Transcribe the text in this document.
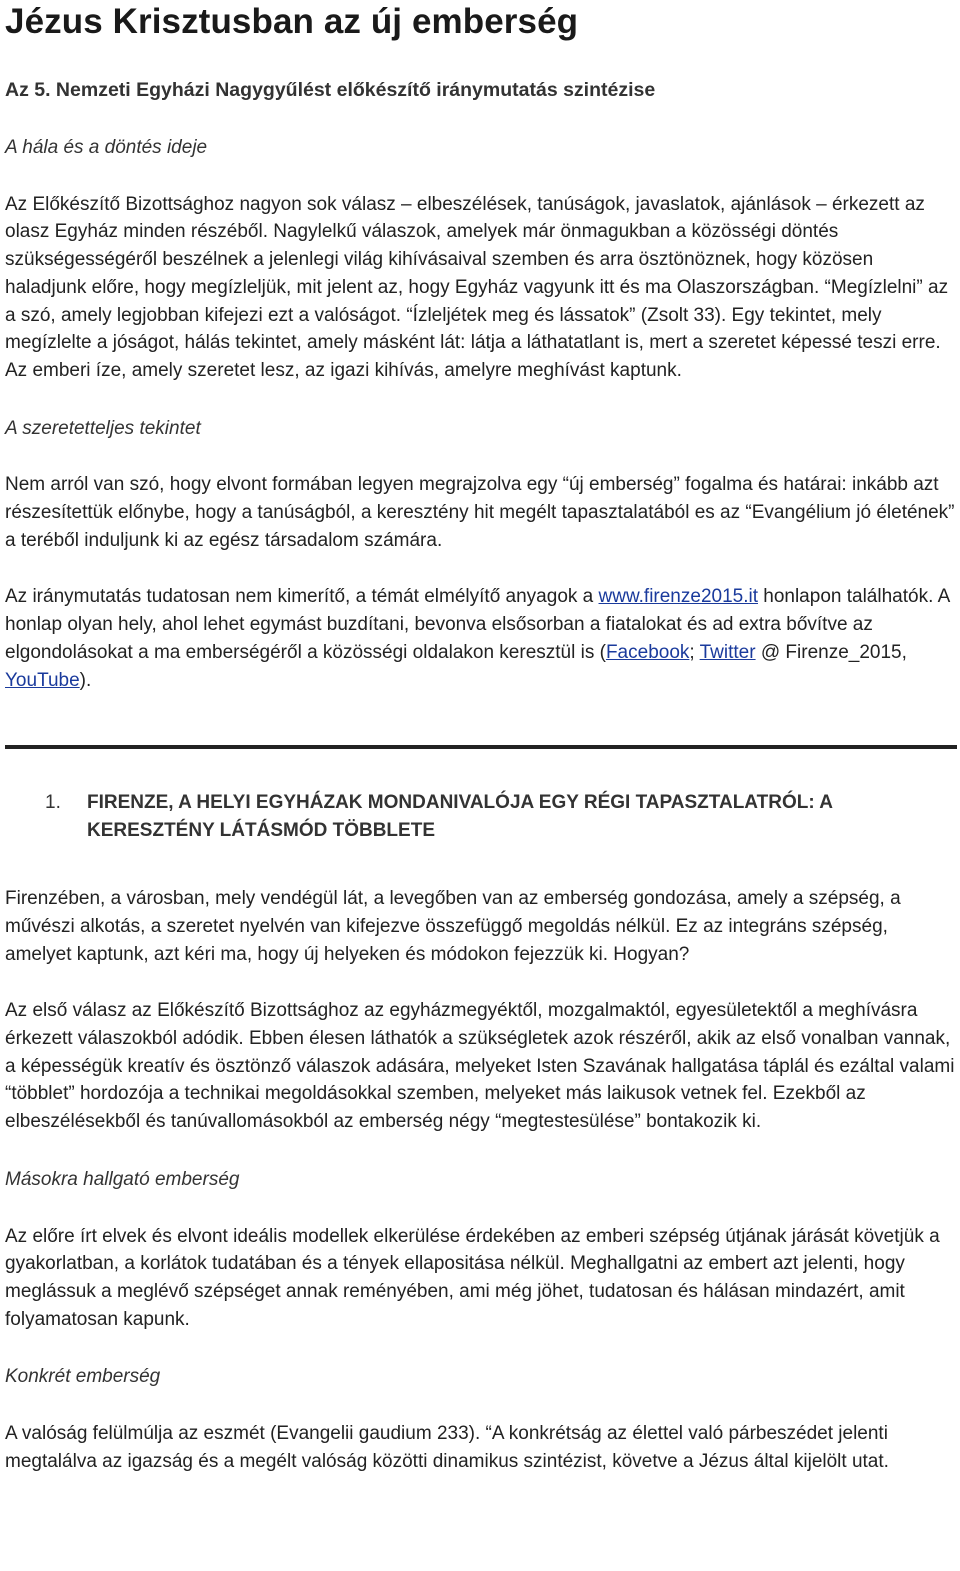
Jézus Krisztusban az új emberség
Az 5. Nemzeti Egyházi Nagygyűlést előkészítő iránymutatás szintézise

A hála és a döntés ideje

Az Előkészítő Bizottsághoz nagyon sok válasz – elbeszélések, tanúságok, javaslatok, ajánlások – érkezett az olasz Egyház minden részéből. Nagylelkű válaszok, amelyek már önmagukban a közösségi döntés szükségességéről beszélnek a jelenlegi világ kihívásaival szemben és arra ösztönöznek, hogy közösen haladjunk előre, hogy megízleljük, mit jelent az, hogy Egyház vagyunk itt és ma Olaszországban. “Megízlelni” az a szó, amely legjobban kifejezi ezt a valóságot. “Ízleljétek meg és lássatok” (Zsolt 33). Egy tekintet, mely megízlelte a jóságot, hálás tekintet, amely másként lát: látja a láthatatlant is, mert a szeretet képessé teszi erre. Az emberi íze, amely szeretet lesz, az igazi kihívás, amelyre meghívást kaptunk.

A szeretetteljes tekintet

Nem arról van szó, hogy elvont formában legyen megrajzolva egy “új emberség” fogalma és határai: inkább azt részesítettük előnybe, hogy a tanúságból, a keresztény hit megélt tapasztalatából es az “Evangélium jó életének” a teréből induljunk ki az egész társadalom számára.

Az iránymutatás tudatosan nem kimerítő, a témát elmélyítő anyagok a www.firenze2015.it honlapon találhatók. A honlap olyan hely, ahol lehet egymást buzdítani, bevonva elsősorban a fiatalokat és ad extra bővítve az elgondolásokat a ma emberségéről a közösségi oldalakon keresztül is (Facebook; Twitter @ Firenze_2015, YouTube).

1.	FIRENZE, A HELYI EGYHÁZAK MONDANIVALÓJA EGY RÉGI TAPASZTALATRÓL: A KERESZTÉNY LÁTÁSMÓD TÖBBLETE

Firenzében, a városban, mely vendégül lát, a levegőben van az emberség gondozása, amely a szépség, a művészi alkotás, a szeretet nyelvén van kifejezve összefüggő megoldás nélkül. Ez az integráns szépség, amelyet kaptunk, azt kéri ma, hogy új helyeken és módokon fejezzük ki. Hogyan?

Az első válasz az Előkészítő Bizottsághoz az egyházmegyéktől, mozgalmaktól, egyesületektől a meghívásra érkezett válaszokból adódik. Ebben élesen láthatók a szükségletek azok részéről, akik az első vonalban vannak, a képességük kreatív és ösztönző válaszok adására, melyeket Isten Szavának hallgatása táplál és ezáltal valami “többlet” hordozója a technikai megoldásokkal szemben, melyeket más laikusok vetnek fel. Ezekből az elbeszélésekből és tanúvallomásokból az emberség négy “megtestesülése” bontakozik ki.

Másokra hallgató emberség

Az előre írt elvek és elvont ideális modellek elkerülése érdekében az emberi szépség útjának járását követjük a gyakorlatban, a korlátok tudatában és a tények ellapositása nélkül. Meghallgatni az embert azt jelenti, hogy meglássuk a meglévő szépséget annak reményében, ami még jöhet, tudatosan és hálásan mindazért, amit folyamatosan kapunk.

Konkrét emberség

A valóság felülmúlja az eszmét (Evangelii gaudium 233). “A konkrétság az élettel való párbeszédet jelenti megtalálva az igazság és a megélt valóság közötti dinamikus szintézist, követve a Jézus által kijelölt utat.
